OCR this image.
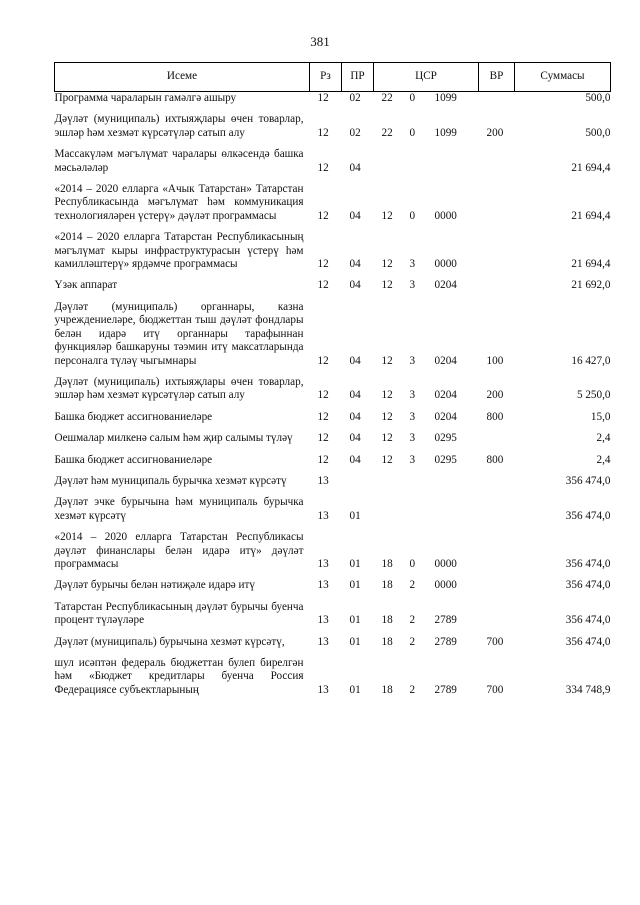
381
Исеме	Рз	ПР	ЦСР			ВР	Суммасы
Программа чараларын гамәлгә ашыру	12	02	22	0	1099		500,0
Дәүләт (муниципаль) ихтыяҗлары өчен товарлар, эшләр һәм хезмәт күрсәтүләр сатып алу	12	02	22	0	1099	200	500,0
Массакүләм мәгълүмат чаралары өлкәсендә башка мәсьәләләр	12	04					21 694,4
«2014 – 2020 елларга «Ачык Татарстан» Татарстан Республикасында мәгълүмат һәм коммуникация технологияләрен үстерү» дәүләт программасы	12	04	12	0	0000		21 694,4
«2014 – 2020 елларга Татарстан Республикасының мәгълүмат кыры инфраструктурасын үстерү һәм камилләштерү» ярдәмче программасы	12	04	12	3	0000		21 694,4
Үзәк аппарат	12	04	12	3	0204		21 692,0
Дәүләт (муниципаль) органнары, казна учреждениеләре, бюджеттан тыш дәүләт фондлары белән идарә итү органнары тарафыннан функцияләр башкаруны тәэмин итү максатларында персоналга түләү чыгымнары	12	04	12	3	0204	100	16 427,0
Дәүләт (муниципаль) ихтыяҗлары өчен товарлар, эшләр һәм хезмәт күрсәтүләр сатып алу	12	04	12	3	0204	200	5 250,0
Башка бюджет ассигнованиеләре	12	04	12	3	0204	800	15,0
Оешмалар милкенә салым һәм җир салымы түләү	12	04	12	3	0295		2,4
Башка бюджет ассигнованиеләре	12	04	12	3	0295	800	2,4
Дәүләт һәм муниципаль бурычка хезмәт күрсәтү	13						356 474,0
Дәүләт эчке бурычына һәм муниципаль бурычка хезмәт күрсәтү	13	01					356 474,0
«2014 – 2020 елларга Татарстан Республикасы дәүләт финанслары белән идарә итү» дәүләт программасы	13	01	18	0	0000		356 474,0
Дәүләт бурычы белән нәтиҗәле идарә итү	13	01	18	2	0000		356 474,0
Татарстан Республикасының дәүләт бурычы буенча процент түләүләре	13	01	18	2	2789		356 474,0
Дәүләт (муниципаль) бурычына хезмәт күрсәтү,	13	01	18	2	2789	700	356 474,0
шул исәптән федераль бюджеттан булеп бирелгән һәм «Бюджет кредитлары буенча Россия Федерациясе субъектларының	13	01	18	2	2789	700	334 748,9
